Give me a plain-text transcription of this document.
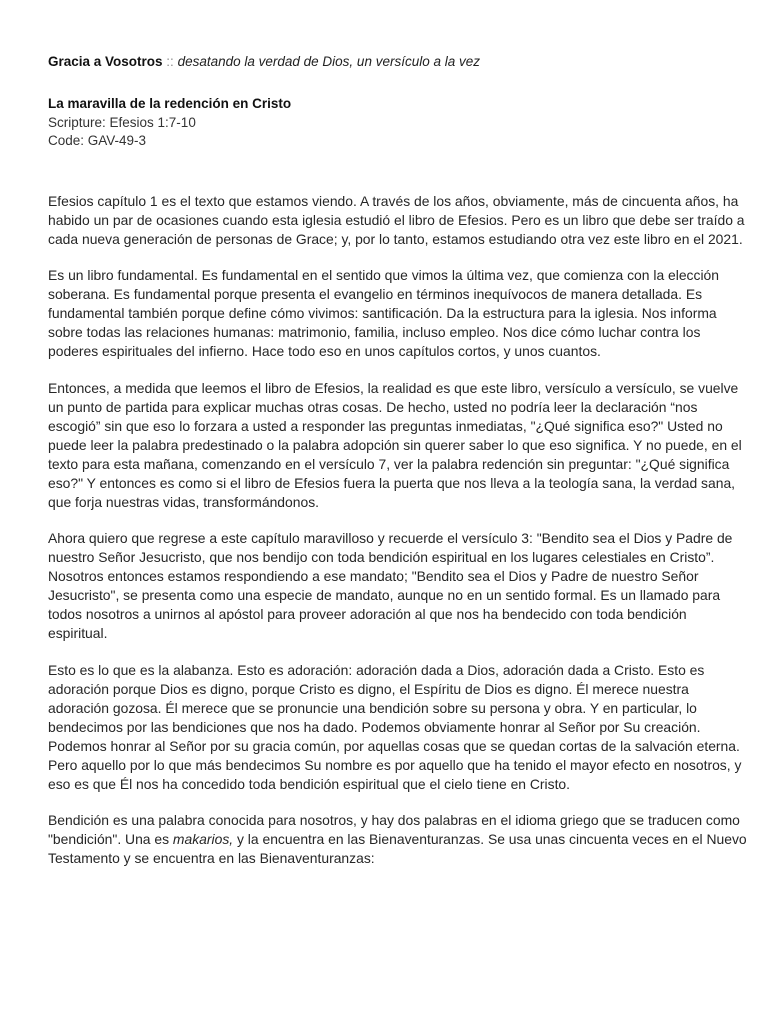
Gracia a Vosotros :: desatando la verdad de Dios, un versículo a la vez
La maravilla de la redención en Cristo
Scripture: Efesios 1:7-10
Code: GAV-49-3

Efesios capítulo 1 es el texto que estamos viendo. A través de los años, obviamente, más de cincuenta años, ha habido un par de ocasiones cuando esta iglesia estudió el libro de Efesios. Pero es un libro que debe ser traído a cada nueva generación de personas de Grace; y, por lo tanto, estamos estudiando otra vez este libro en el 2021.

Es un libro fundamental. Es fundamental en el sentido que vimos la última vez, que comienza con la elección soberana. Es fundamental porque presenta el evangelio en términos inequívocos de manera detallada. Es fundamental también porque define cómo vivimos: santificación. Da la estructura para la iglesia. Nos informa sobre todas las relaciones humanas: matrimonio, familia, incluso empleo. Nos dice cómo luchar contra los poderes espirituales del infierno. Hace todo eso en unos capítulos cortos, y unos cuantos.

Entonces, a medida que leemos el libro de Efesios, la realidad es que este libro, versículo a versículo, se vuelve un punto de partida para explicar muchas otras cosas. De hecho, usted no podría leer la declaración “nos escogió” sin que eso lo forzara a usted a responder las preguntas inmediatas, "¿Qué significa eso?" Usted no puede leer la palabra predestinado o la palabra adopción sin querer saber lo que eso significa. Y no puede, en el texto para esta mañana, comenzando en el versículo 7, ver la palabra redención sin preguntar: "¿Qué significa eso?" Y entonces es como si el libro de Efesios fuera la puerta que nos lleva a la teología sana, la verdad sana, que forja nuestras vidas, transformándonos.

Ahora quiero que regrese a este capítulo maravilloso y recuerde el versículo 3: "Bendito sea el Dios y Padre de nuestro Señor Jesucristo, que nos bendijo con toda bendición espiritual en los lugares celestiales en Cristo”. Nosotros entonces estamos respondiendo a ese mandato; "Bendito sea el Dios y Padre de nuestro Señor Jesucristo", se presenta como una especie de mandato, aunque no en un sentido formal. Es un llamado para todos nosotros a unirnos al apóstol para proveer adoración al que nos ha bendecido con toda bendición espiritual.

Esto es lo que es la alabanza. Esto es adoración: adoración dada a Dios, adoración dada a Cristo. Esto es adoración porque Dios es digno, porque Cristo es digno, el Espíritu de Dios es digno. Él merece nuestra adoración gozosa. Él merece que se pronuncie una bendición sobre su persona y obra. Y en particular, lo bendecimos por las bendiciones que nos ha dado. Podemos obviamente honrar al Señor por Su creación. Podemos honrar al Señor por su gracia común, por aquellas cosas que se quedan cortas de la salvación eterna. Pero aquello por lo que más bendecimos Su nombre es por aquello que ha tenido el mayor efecto en nosotros, y eso es que Él nos ha concedido toda bendición espiritual que el cielo tiene en Cristo.

Bendición es una palabra conocida para nosotros, y hay dos palabras en el idioma griego que se traducen como "bendición". Una es makarios, y la encuentra en las Bienaventuranzas. Se usa unas cincuenta veces en el Nuevo Testamento y se encuentra en las Bienaventuranzas:
